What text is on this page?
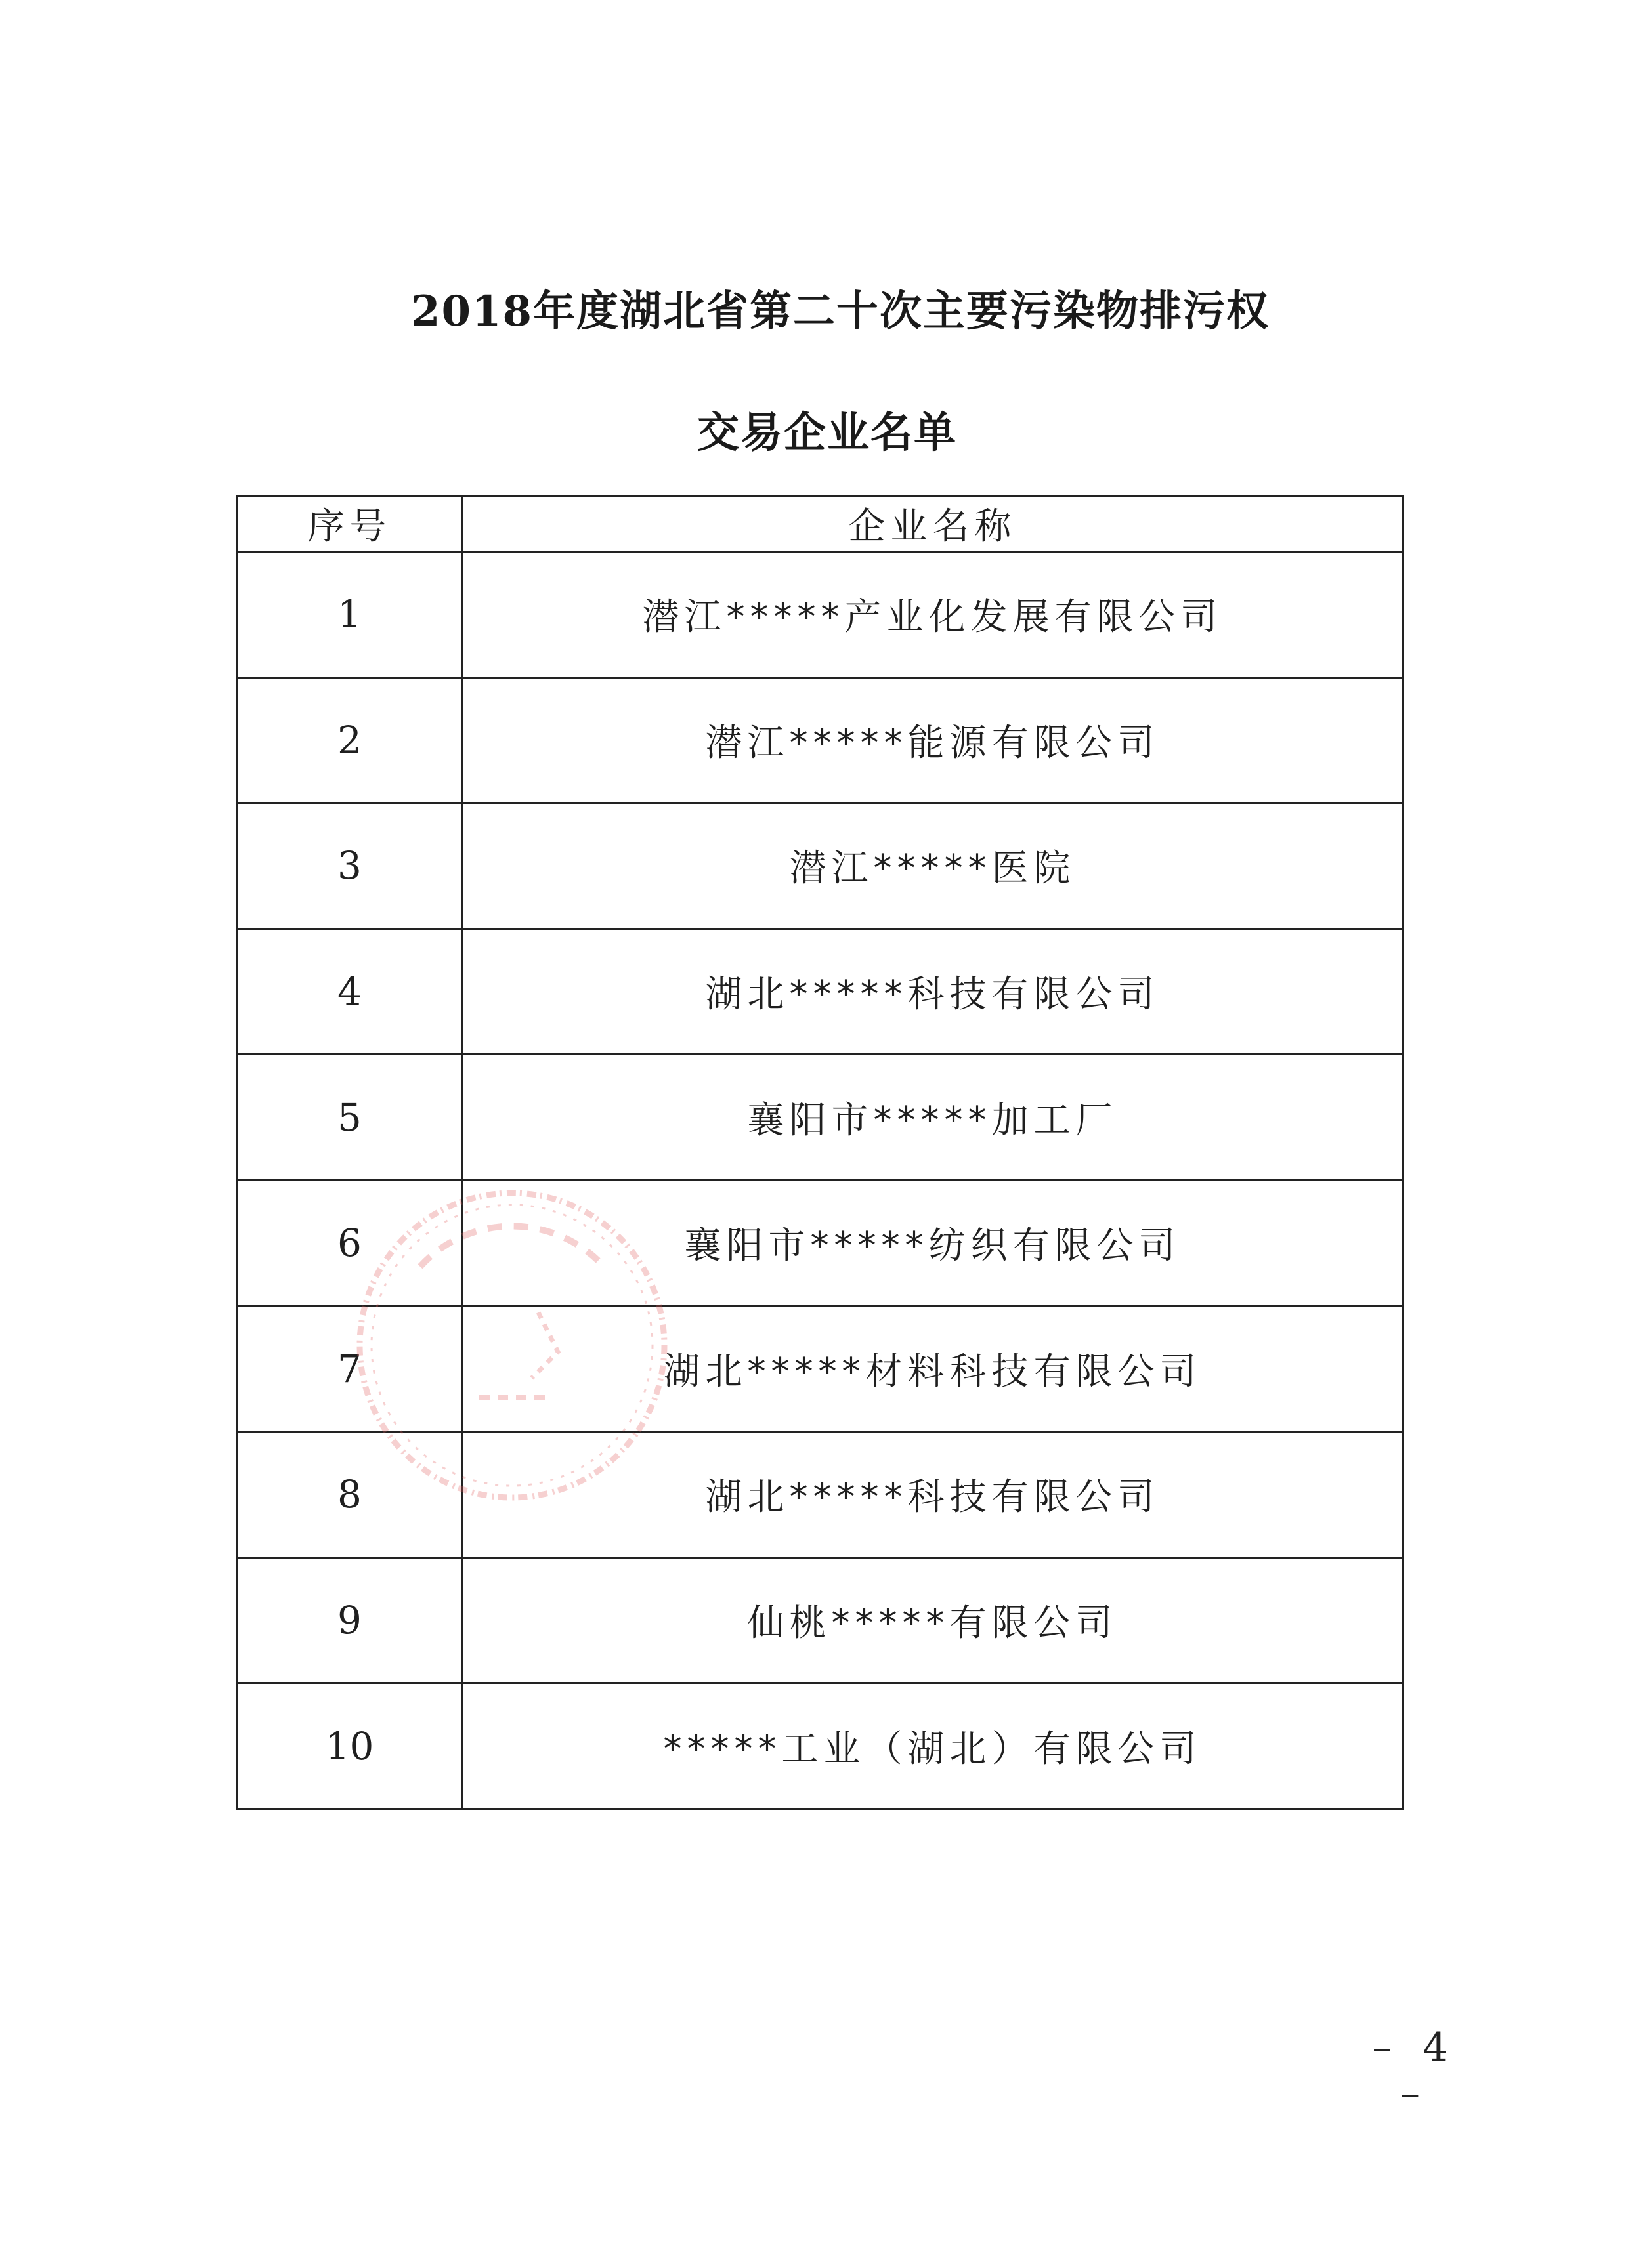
2018年度湖北省第二十次主要污染物排污权
交易企业名单
序号	企业名称
1	潜江*****产业化发展有限公司
2	潜江*****能源有限公司
3	潜江*****医院
4	湖北*****科技有限公司
5	襄阳市*****加工厂
6	襄阳市*****纺织有限公司
7	湖北*****材料科技有限公司
8	湖北*****科技有限公司
9	仙桃*****有限公司
10	*****工业（湖北）有限公司
– 4 –
